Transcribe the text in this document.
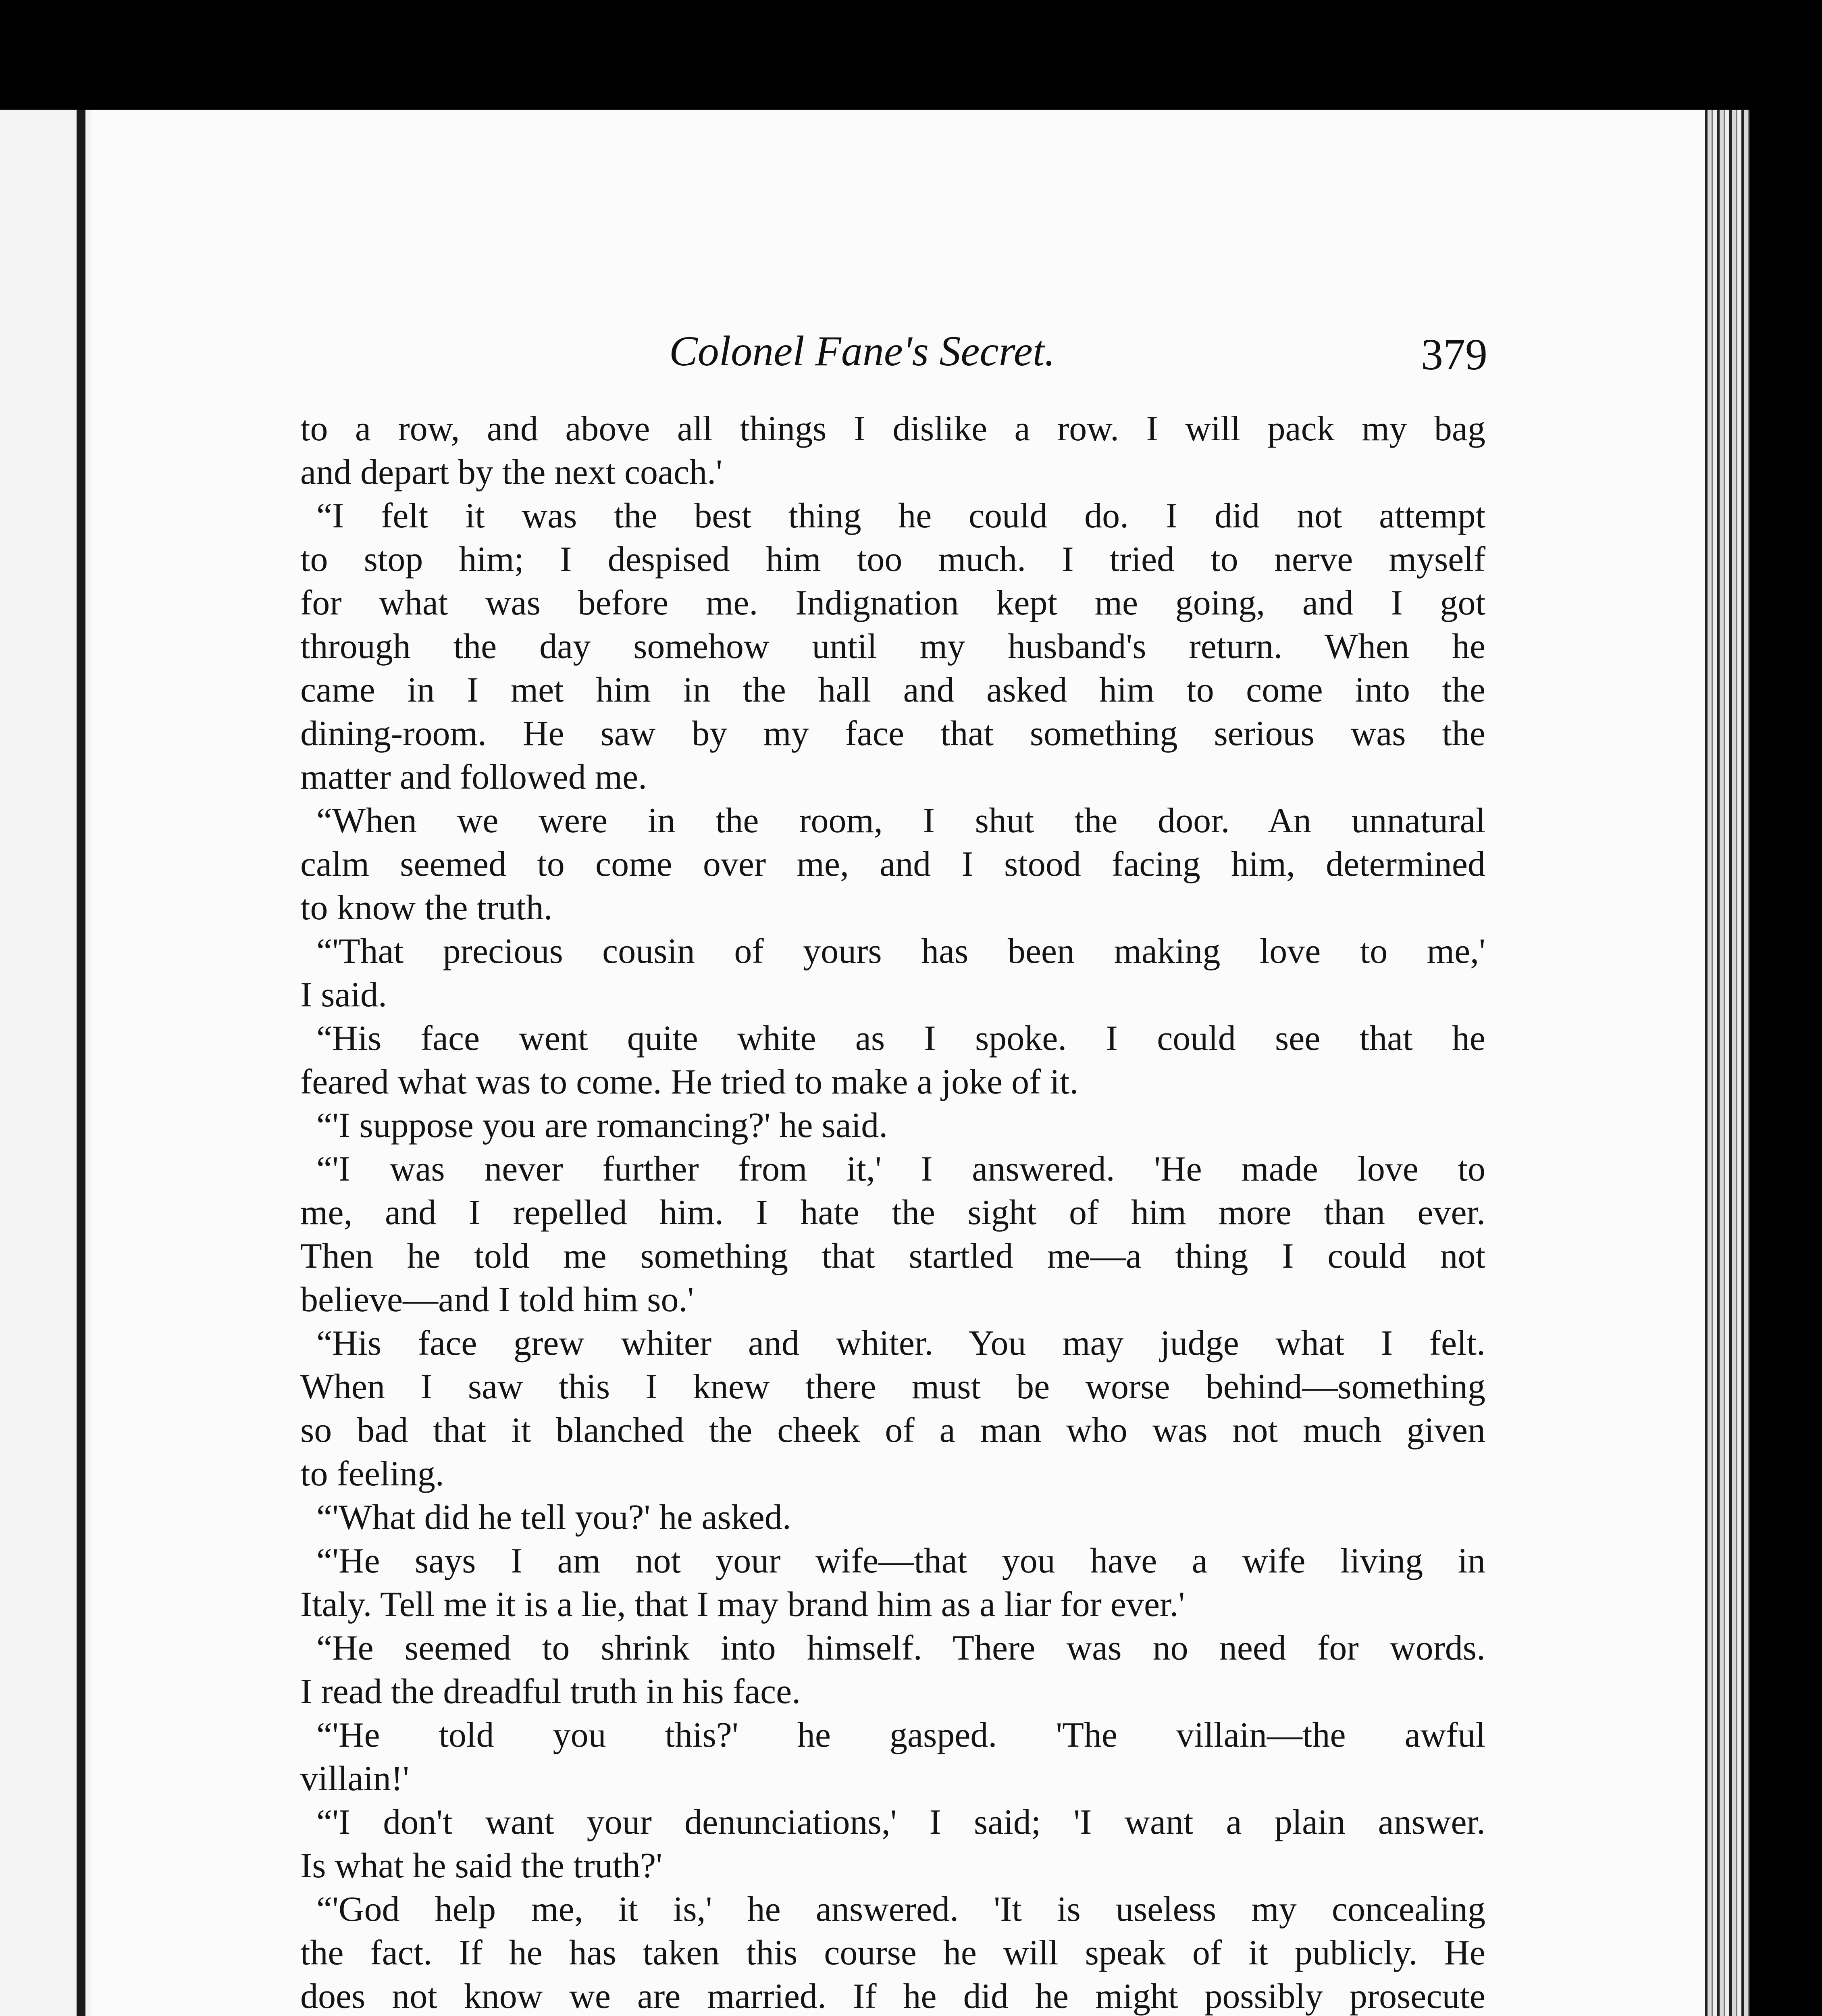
Colonel Fane's Secret.	379
to a row, and above all things I dislike a row. I will pack my bag
and depart by the next coach.'
“I felt it was the best thing he could do. I did not attempt
to stop him; I despised him too much. I tried to nerve myself
for what was before me. Indignation kept me going, and I got
through the day somehow until my husband's return. When he
came in I met him in the hall and asked him to come into the
dining-room. He saw by my face that something serious was the
matter and followed me.
“When we were in the room, I shut the door. An unnatural
calm seemed to come over me, and I stood facing him, determined
to know the truth.
“'That precious cousin of yours has been making love to me,'
I said.
“His face went quite white as I spoke. I could see that he
feared what was to come. He tried to make a joke of it.
“'I suppose you are romancing?' he said.
“'I was never further from it,' I answered. 'He made love to
me, and I repelled him. I hate the sight of him more than ever.
Then he told me something that startled me—a thing I could not
believe—and I told him so.'
“His face grew whiter and whiter. You may judge what I felt.
When I saw this I knew there must be worse behind—something
so bad that it blanched the cheek of a man who was not much given
to feeling.
“'What did he tell you?' he asked.
“'He says I am not your wife—that you have a wife living in
Italy. Tell me it is a lie, that I may brand him as a liar for ever.'
“He seemed to shrink into himself. There was no need for words.
I read the dreadful truth in his face.
“'He told you this?' he gasped. 'The villain—the awful
villain!'
“'I don't want your denunciations,' I said; 'I want a plain answer.
Is what he said the truth?'
“'God help me, it is,' he answered. 'It is useless my concealing
the fact. If he has taken this course he will speak of it publicly. He
does not know we are married. If he did he might possibly prosecute
